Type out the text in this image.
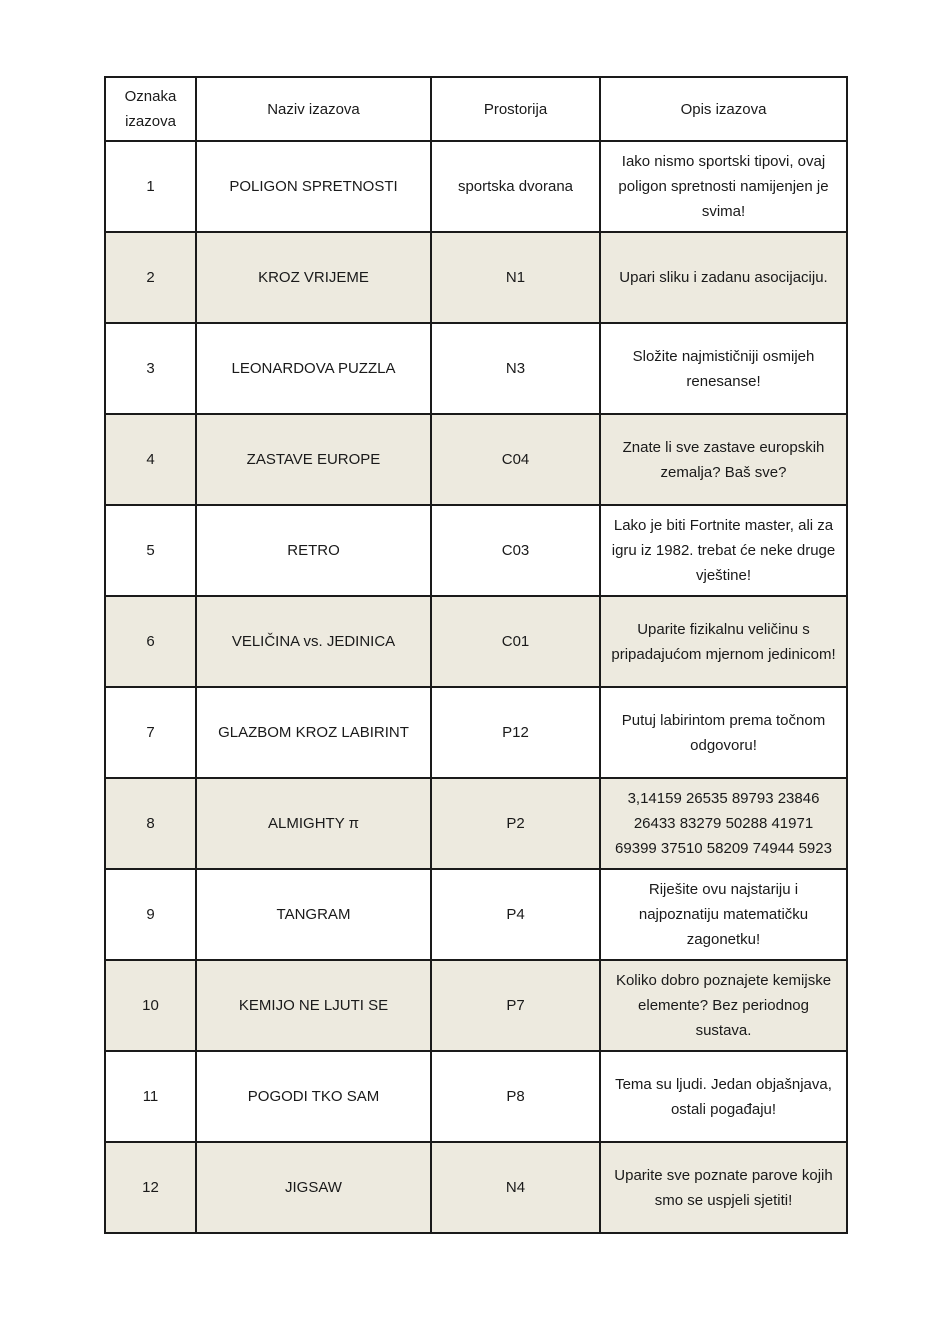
Oznaka izazova	Naziv izazova	Prostorija	Opis izazova
1	POLIGON SPRETNOSTI	sportska dvorana	Iako nismo sportski tipovi, ovaj poligon spretnosti namijenjen je svima!
2	KROZ VRIJEME	N1	Upari sliku i zadanu asocijaciju.
3	LEONARDOVA PUZZLA	N3	Složite najmističniji osmijeh renesanse!
4	ZASTAVE EUROPE	C04	Znate li sve zastave europskih zemalja? Baš sve?
5	RETRO	C03	Lako je biti Fortnite master, ali za igru iz 1982. trebat će neke druge vještine!
6	VELIČINA vs. JEDINICA	C01	Uparite fizikalnu veličinu s pripadajućom mjernom jedinicom!
7	GLAZBOM KROZ LABIRINT	P12	Putuj labirintom prema točnom odgovoru!
8	ALMIGHTY π	P2	3,14159 26535 89793 23846 26433 83279 50288 41971 69399 37510 58209 74944 5923
9	TANGRAM	P4	Riješite ovu najstariju i najpoznatiju matematičku zagonetku!
10	KEMIJO NE LJUTI SE	P7	Koliko dobro poznajete kemijske elemente? Bez periodnog sustava.
11	POGODI TKO SAM	P8	Tema su ljudi. Jedan objašnjava, ostali pogađaju!
12	JIGSAW	N4	Uparite sve poznate parove kojih smo se uspjeli sjetiti!
